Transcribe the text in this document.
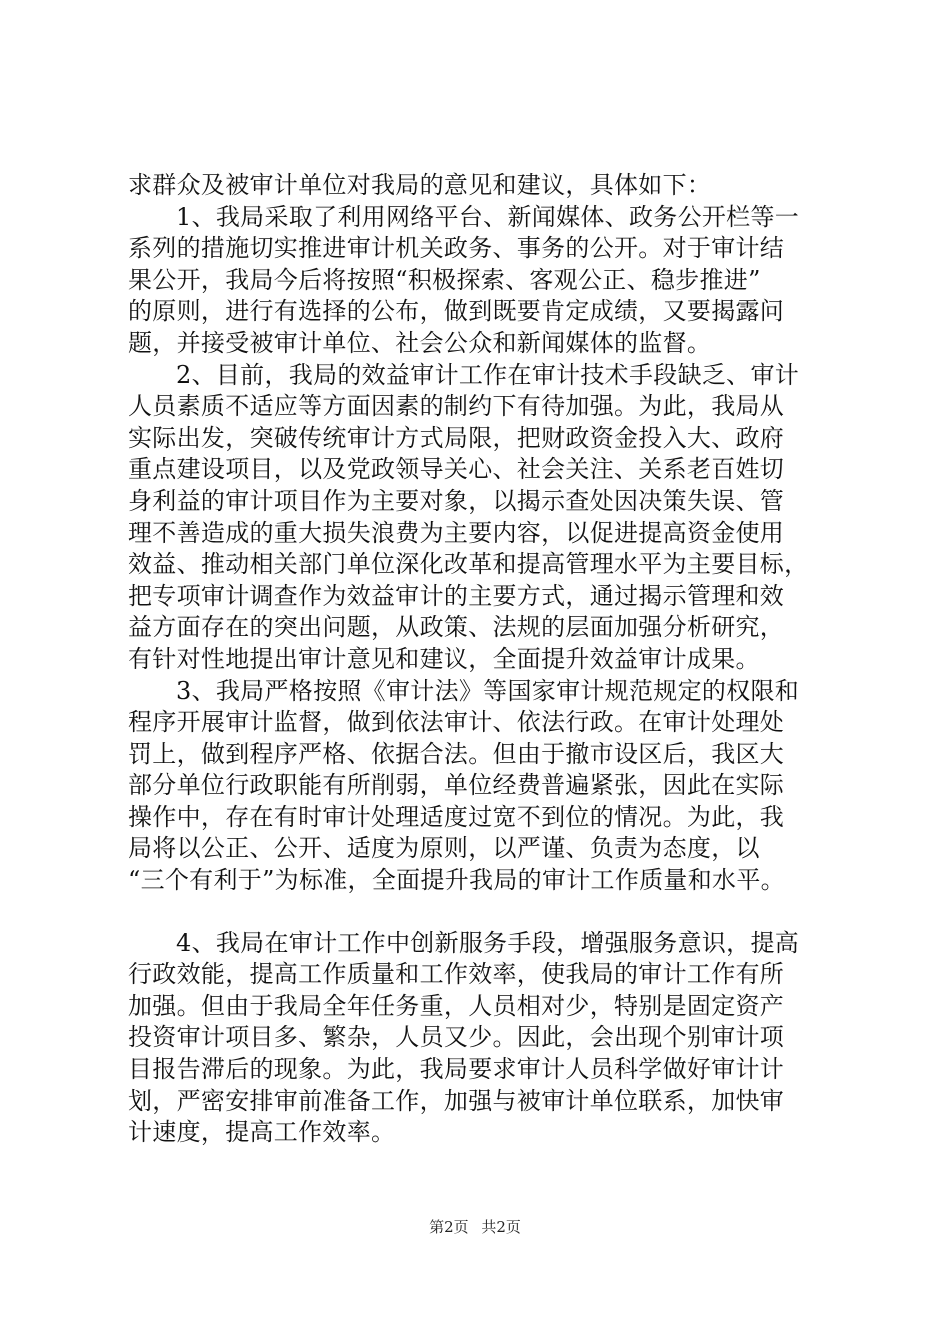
求群众及被审计单位对我局的意见和建议，具体如下：
1、我局采取了利用网络平台、新闻媒体、政务公开栏等一
系列的措施切实推进审计机关政务、事务的公开。对于审计结
果公开，我局今后将按照“积极探索、客观公正、稳步推进”
的原则，进行有选择的公布，做到既要肯定成绩，又要揭露问
题，并接受被审计单位、社会公众和新闻媒体的监督。
2、目前，我局的效益审计工作在审计技术手段缺乏、审计
人员素质不适应等方面因素的制约下有待加强。为此，我局从
实际出发，突破传统审计方式局限，把财政资金投入大、政府
重点建设项目，以及党政领导关心、社会关注、关系老百姓切
身利益的审计项目作为主要对象，以揭示查处因决策失误、管
理不善造成的重大损失浪费为主要内容，以促进提高资金使用
效益、推动相关部门单位深化改革和提高管理水平为主要目标，
把专项审计调查作为效益审计的主要方式，通过揭示管理和效
益方面存在的突出问题，从政策、法规的层面加强分析研究，
有针对性地提出审计意见和建议，全面提升效益审计成果。
3、我局严格按照《审计法》等国家审计规范规定的权限和
程序开展审计监督，做到依法审计、依法行政。在审计处理处
罚上，做到程序严格、依据合法。但由于撤市设区后，我区大
部分单位行政职能有所削弱，单位经费普遍紧张，因此在实际
操作中，存在有时审计处理适度过宽不到位的情况。为此，我
局将以公正、公开、适度为原则，以严谨、负责为态度，以
“三个有利于”为标准，全面提升我局的审计工作质量和水平。
4、我局在审计工作中创新服务手段，增强服务意识，提高
行政效能，提高工作质量和工作效率，使我局的审计工作有所
加强。但由于我局全年任务重，人员相对少，特别是固定资产
投资审计项目多、繁杂，人员又少。因此，会出现个别审计项
目报告滞后的现象。为此，我局要求审计人员科学做好审计计
划，严密安排审前准备工作，加强与被审计单位联系，加快审
计速度，提高工作效率。
第2页 共2页
